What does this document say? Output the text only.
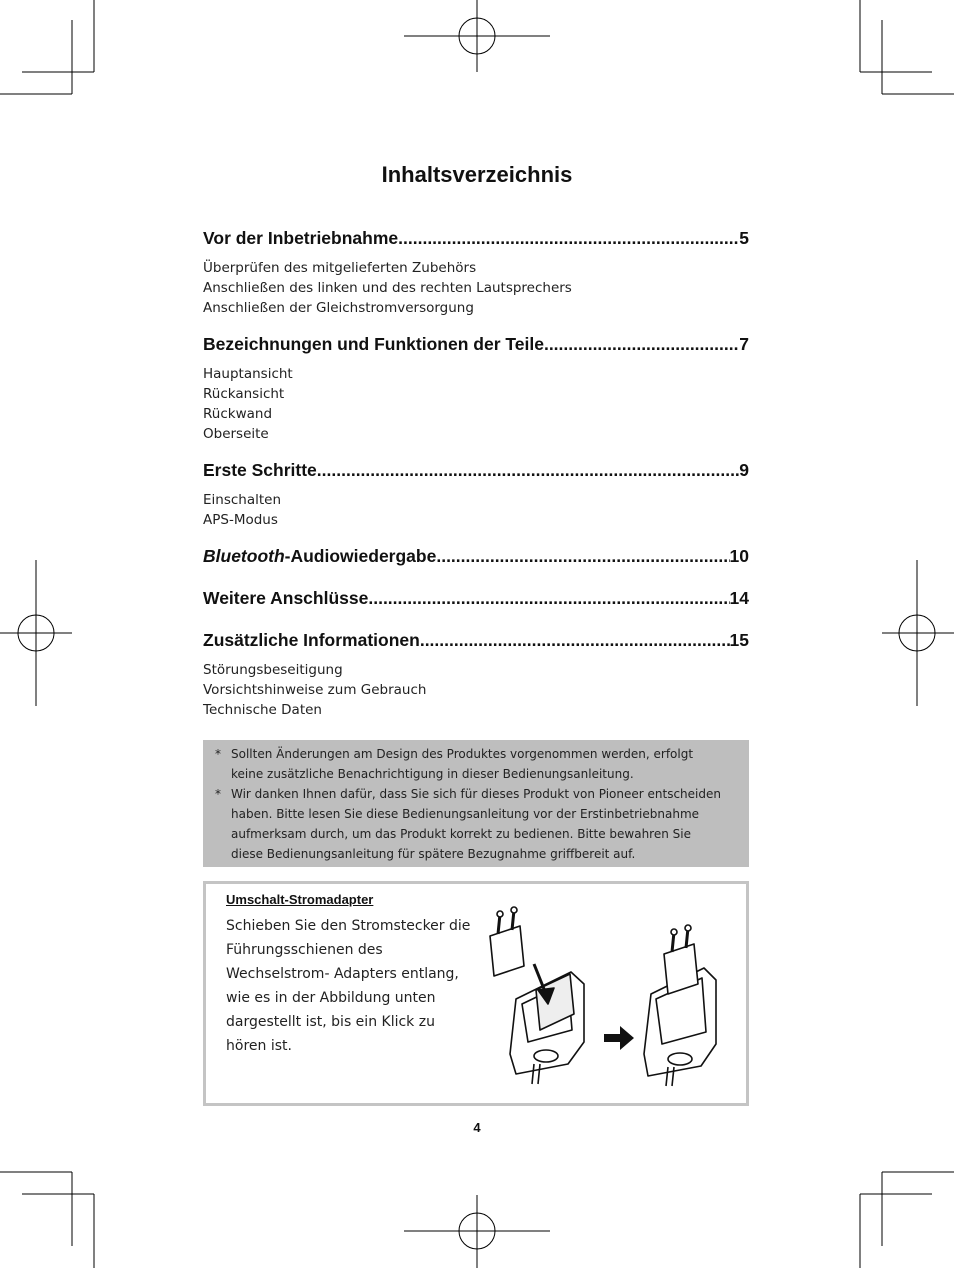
Inhaltsverzeichnis
Vor der Inbetriebnahme .....	5
Überprüfen des mitgelieferten Zubehörs
Anschließen des linken und des rechten Lautsprechers
Anschließen der Gleichstromversorgung
Bezeichnungen und Funktionen der Teile .....	7
Hauptansicht
Rückansicht
Rückwand
Oberseite
Erste Schritte .....	9
Einschalten
APS-Modus
Bluetooth-Audiowiedergabe .....	10
Weitere Anschlüsse .....	14
Zusätzliche Informationen .....	15
Störungsbeseitigung
Vorsichtshinweise zum Gebrauch
Technische Daten
* Sollten Änderungen am Design des Produktes vorgenommen werden, erfolgt keine zusätzliche Benachrichtigung in dieser Bedienungsanleitung.
* Wir danken Ihnen dafür, dass Sie sich für dieses Produkt von Pioneer entscheiden haben. Bitte lesen Sie diese Bedienungsanleitung vor der Erstinbetriebnahme aufmerksam durch, um das Produkt korrekt zu bedienen. Bitte bewahren Sie diese Bedienungsanleitung für spätere Bezugnahme griffbereit auf.
Umschalt-Stromadapter
Schieben Sie den Stromstecker die Führungsschienen des Wechselstrom- Adapters entlang, wie es in der Abbildung unten dargestellt ist, bis ein Klick zu hören ist.
4
